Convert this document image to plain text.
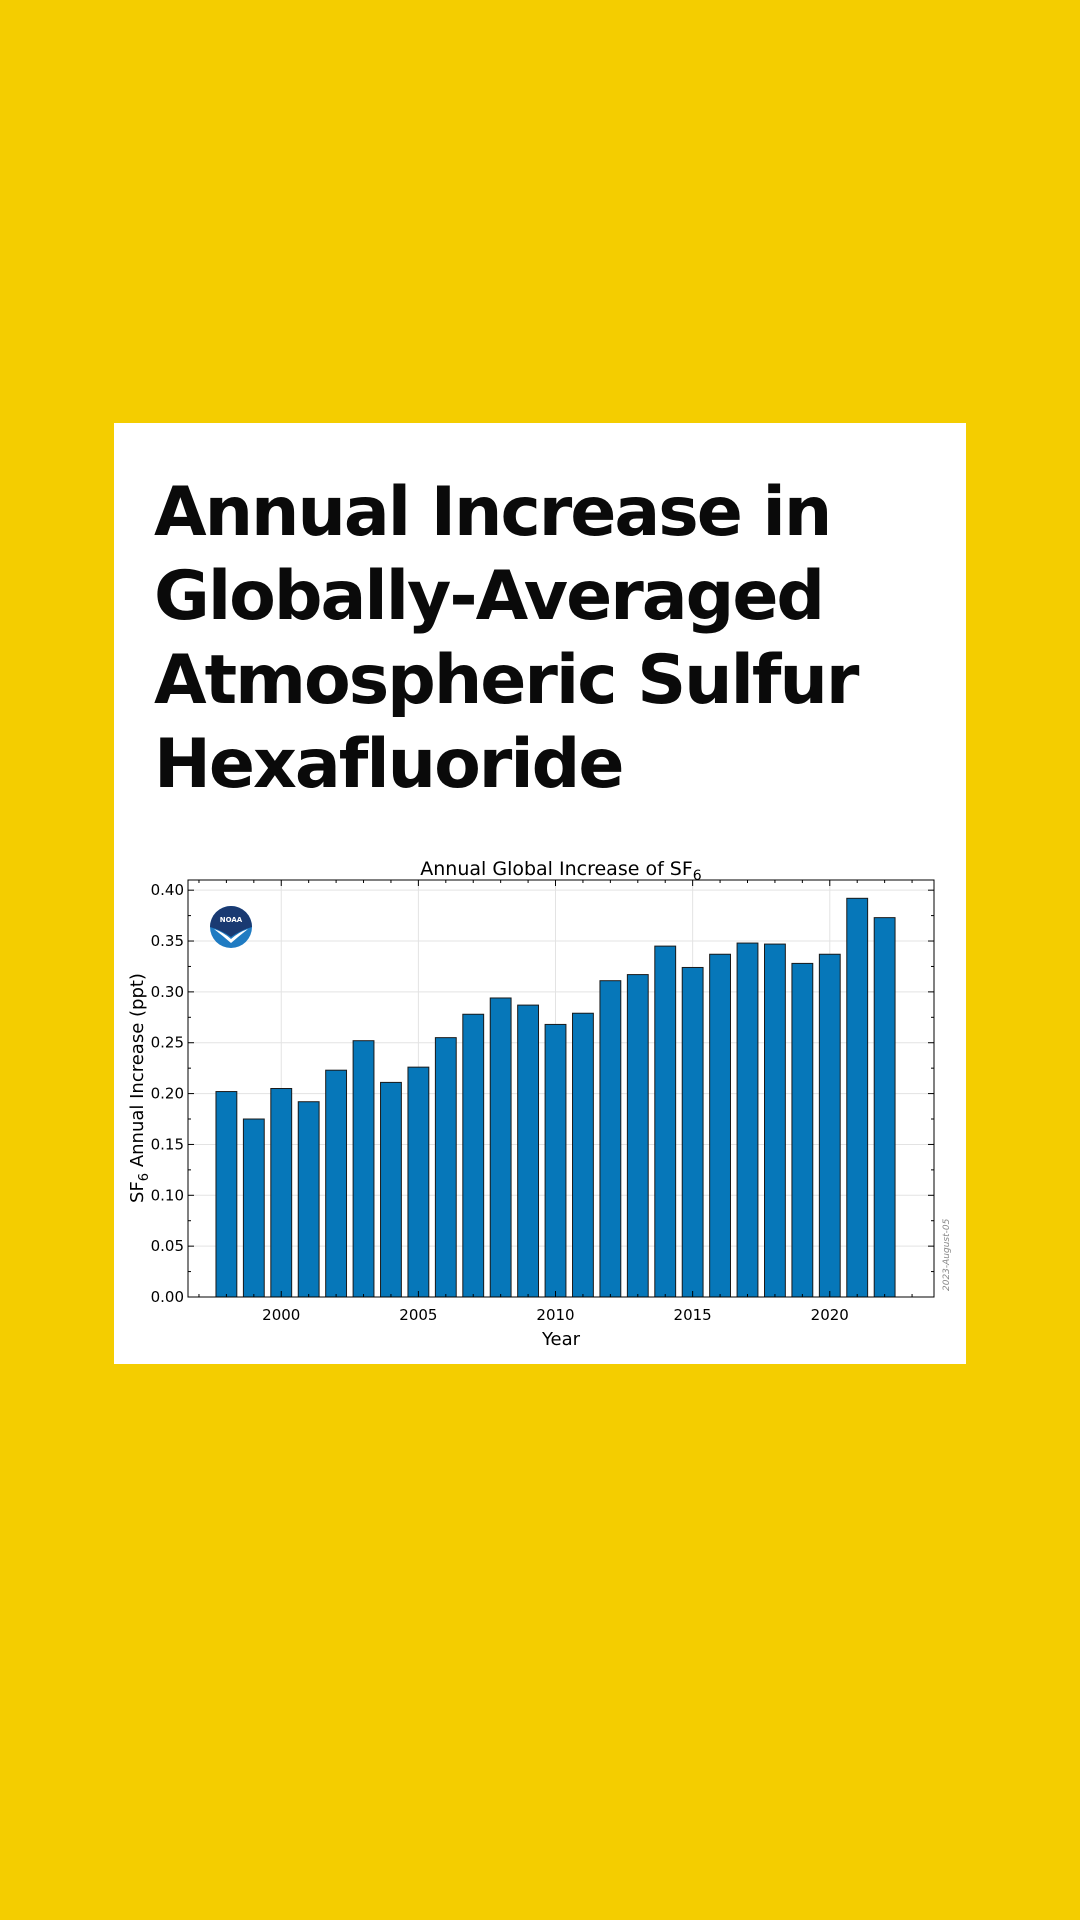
Annual Increase in Globally-Averaged Atmospheric Sulfur Hexafluoride
0.00
0.05
0.10
0.15
0.20
0.25
0.30
0.35
0.40
2000	2005	2010	2015	2020
NOAA
Annual Global Increase of $SF_6$
Year
$SF_6$ Annual Increase (ppt)
2023-August-05
